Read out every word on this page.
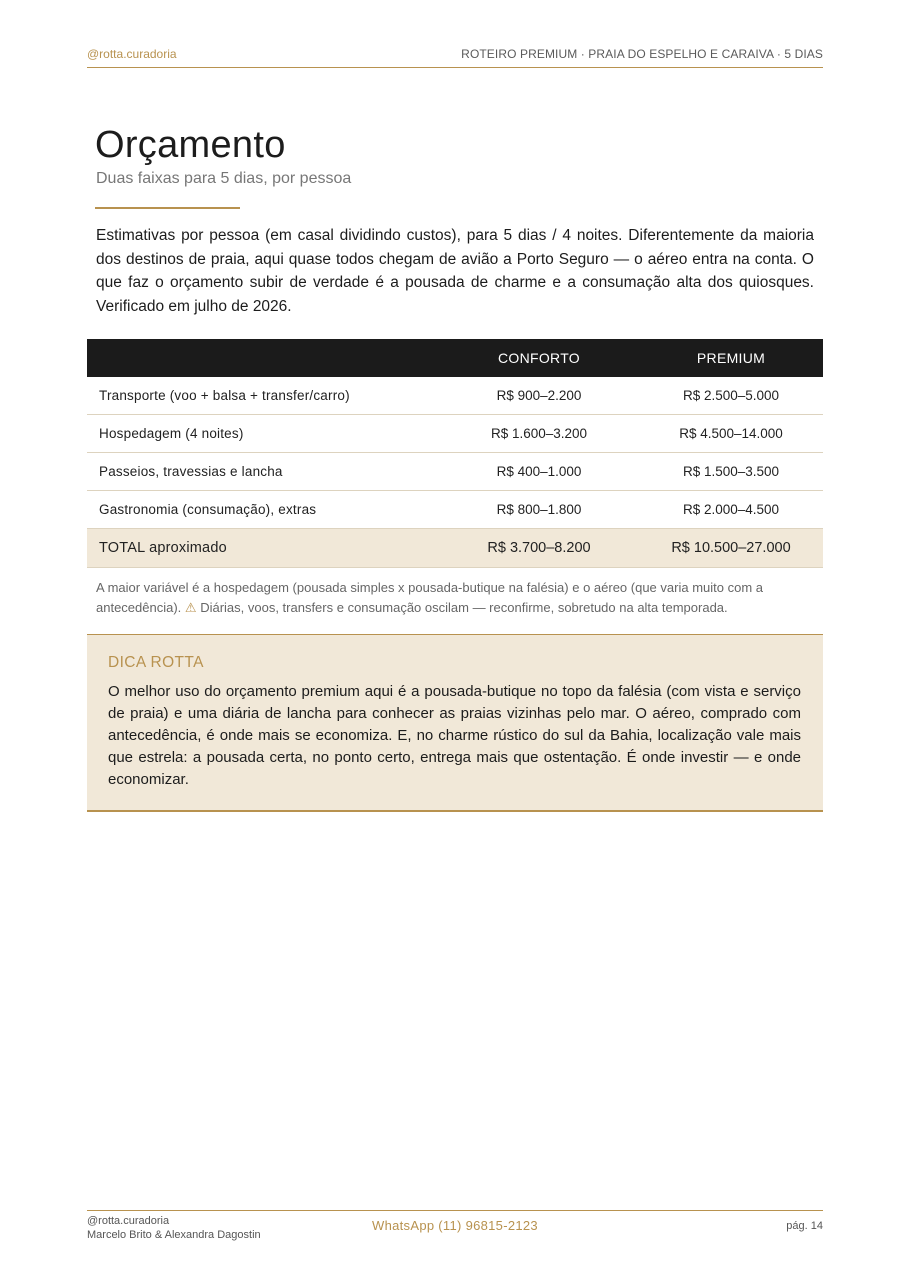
@rotta.curadoria	ROTEIRO PREMIUM · PRAIA DO ESPELHO E CARAIVA · 5 DIAS
Orçamento
Duas faixas para 5 dias, por pessoa

Estimativas por pessoa (em casal dividindo custos), para 5 dias / 4 noites. Diferentemente da maioria dos destinos de praia, aqui quase todos chegam de avião a Porto Seguro — o aéreo entra na conta. O que faz o orçamento subir de verdade é a pousada de charme e a consumação alta dos quiosques. Verificado em julho de 2026.

	CONFORTO	PREMIUM
Transporte (voo + balsa + transfer/carro)	R$ 900–2.200	R$ 2.500–5.000
Hospedagem (4 noites)	R$ 1.600–3.200	R$ 4.500–14.000
Passeios, travessias e lancha	R$ 400–1.000	R$ 1.500–3.500
Gastronomia (consumação), extras	R$ 800–1.800	R$ 2.000–4.500
TOTAL aproximado	R$ 3.700–8.200	R$ 10.500–27.000

A maior variável é a hospedagem (pousada simples x pousada-butique na falésia) e o aéreo (que varia muito com a antecedência). ⚠ Diárias, voos, transfers e consumação oscilam — reconfirme, sobretudo na alta temporada.

DICA ROTTA

O melhor uso do orçamento premium aqui é a pousada-butique no topo da falésia (com vista e serviço de praia) e uma diária de lancha para conhecer as praias vizinhas pelo mar. O aéreo, comprado com antecedência, é onde mais se economiza. E, no charme rústico do sul da Bahia, localização vale mais que estrela: a pousada certa, no ponto certo, entrega mais que ostentação. É onde investir — e onde economizar.

@rotta.curadoria
Marcelo Brito & Alexandra Dagostin
WhatsApp (11) 96815-2123	pág. 14
